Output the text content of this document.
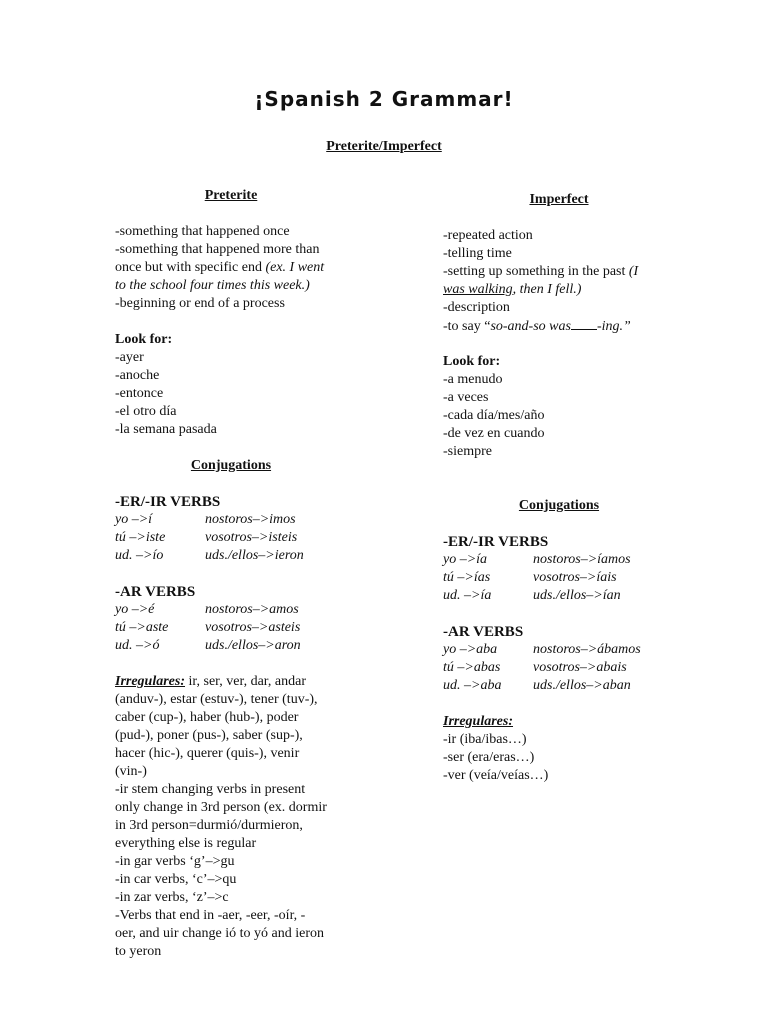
¡Spanish 2 Grammar!
Preterite/Imperfect
Preterite
-something that happened once
-something that happened more than
once but with specific end (ex. I went
to the school four times this week.)
-beginning or end of a process
Look for:
-ayer
-anoche
-entonce
-el otro día
-la semana pasada
Conjugations
-ER/-IR VERBS
yo –>í	nostoros–>imos
tú –>iste	vosotros–>isteis
ud. –>ío	uds./ellos–>ieron
-AR VERBS
yo –>é	nostoros–>amos
tú –>aste	vosotros–>asteis
ud. –>ó	uds./ellos–>aron
Irregulares: ir, ser, ver, dar, andar
(anduv-), estar (estuv-), tener (tuv-),
caber (cup-), haber (hub-), poder
(pud-), poner (pus-), saber (sup-),
hacer (hic-), querer (quis-), venir
(vin-)
-ir stem changing verbs in present
only change in 3rd person (ex. dormir
in 3rd person=durmió/durmieron,
everything else is regular
-in gar verbs ‘g’–>gu
-in car verbs, ‘c’–>qu
-in zar verbs, ‘z’–>c
-Verbs that end in -aer, -eer, -oír, -
oer, and uir change ió to yó and ieron
to yeron
Imperfect
-repeated action
-telling time
-setting up something in the past (I
was walking, then I fell.)
-description
-to say “so-and-so was -ing.”
Look for:
-a menudo
-a veces
-cada día/mes/año
-de vez en cuando
-siempre
Conjugations
-ER/-IR VERBS
yo –>ía	nostoros–>íamos
tú –>ías	vosotros–>íais
ud. –>ía	uds./ellos–>ían
-AR VERBS
yo –>aba	nostoros–>ábamos
tú –>abas	vosotros–>abais
ud. –>aba	uds./ellos–>aban
Irregulares:
-ir (iba/ibas…)
-ser (era/eras…)
-ver (veía/veías…)
